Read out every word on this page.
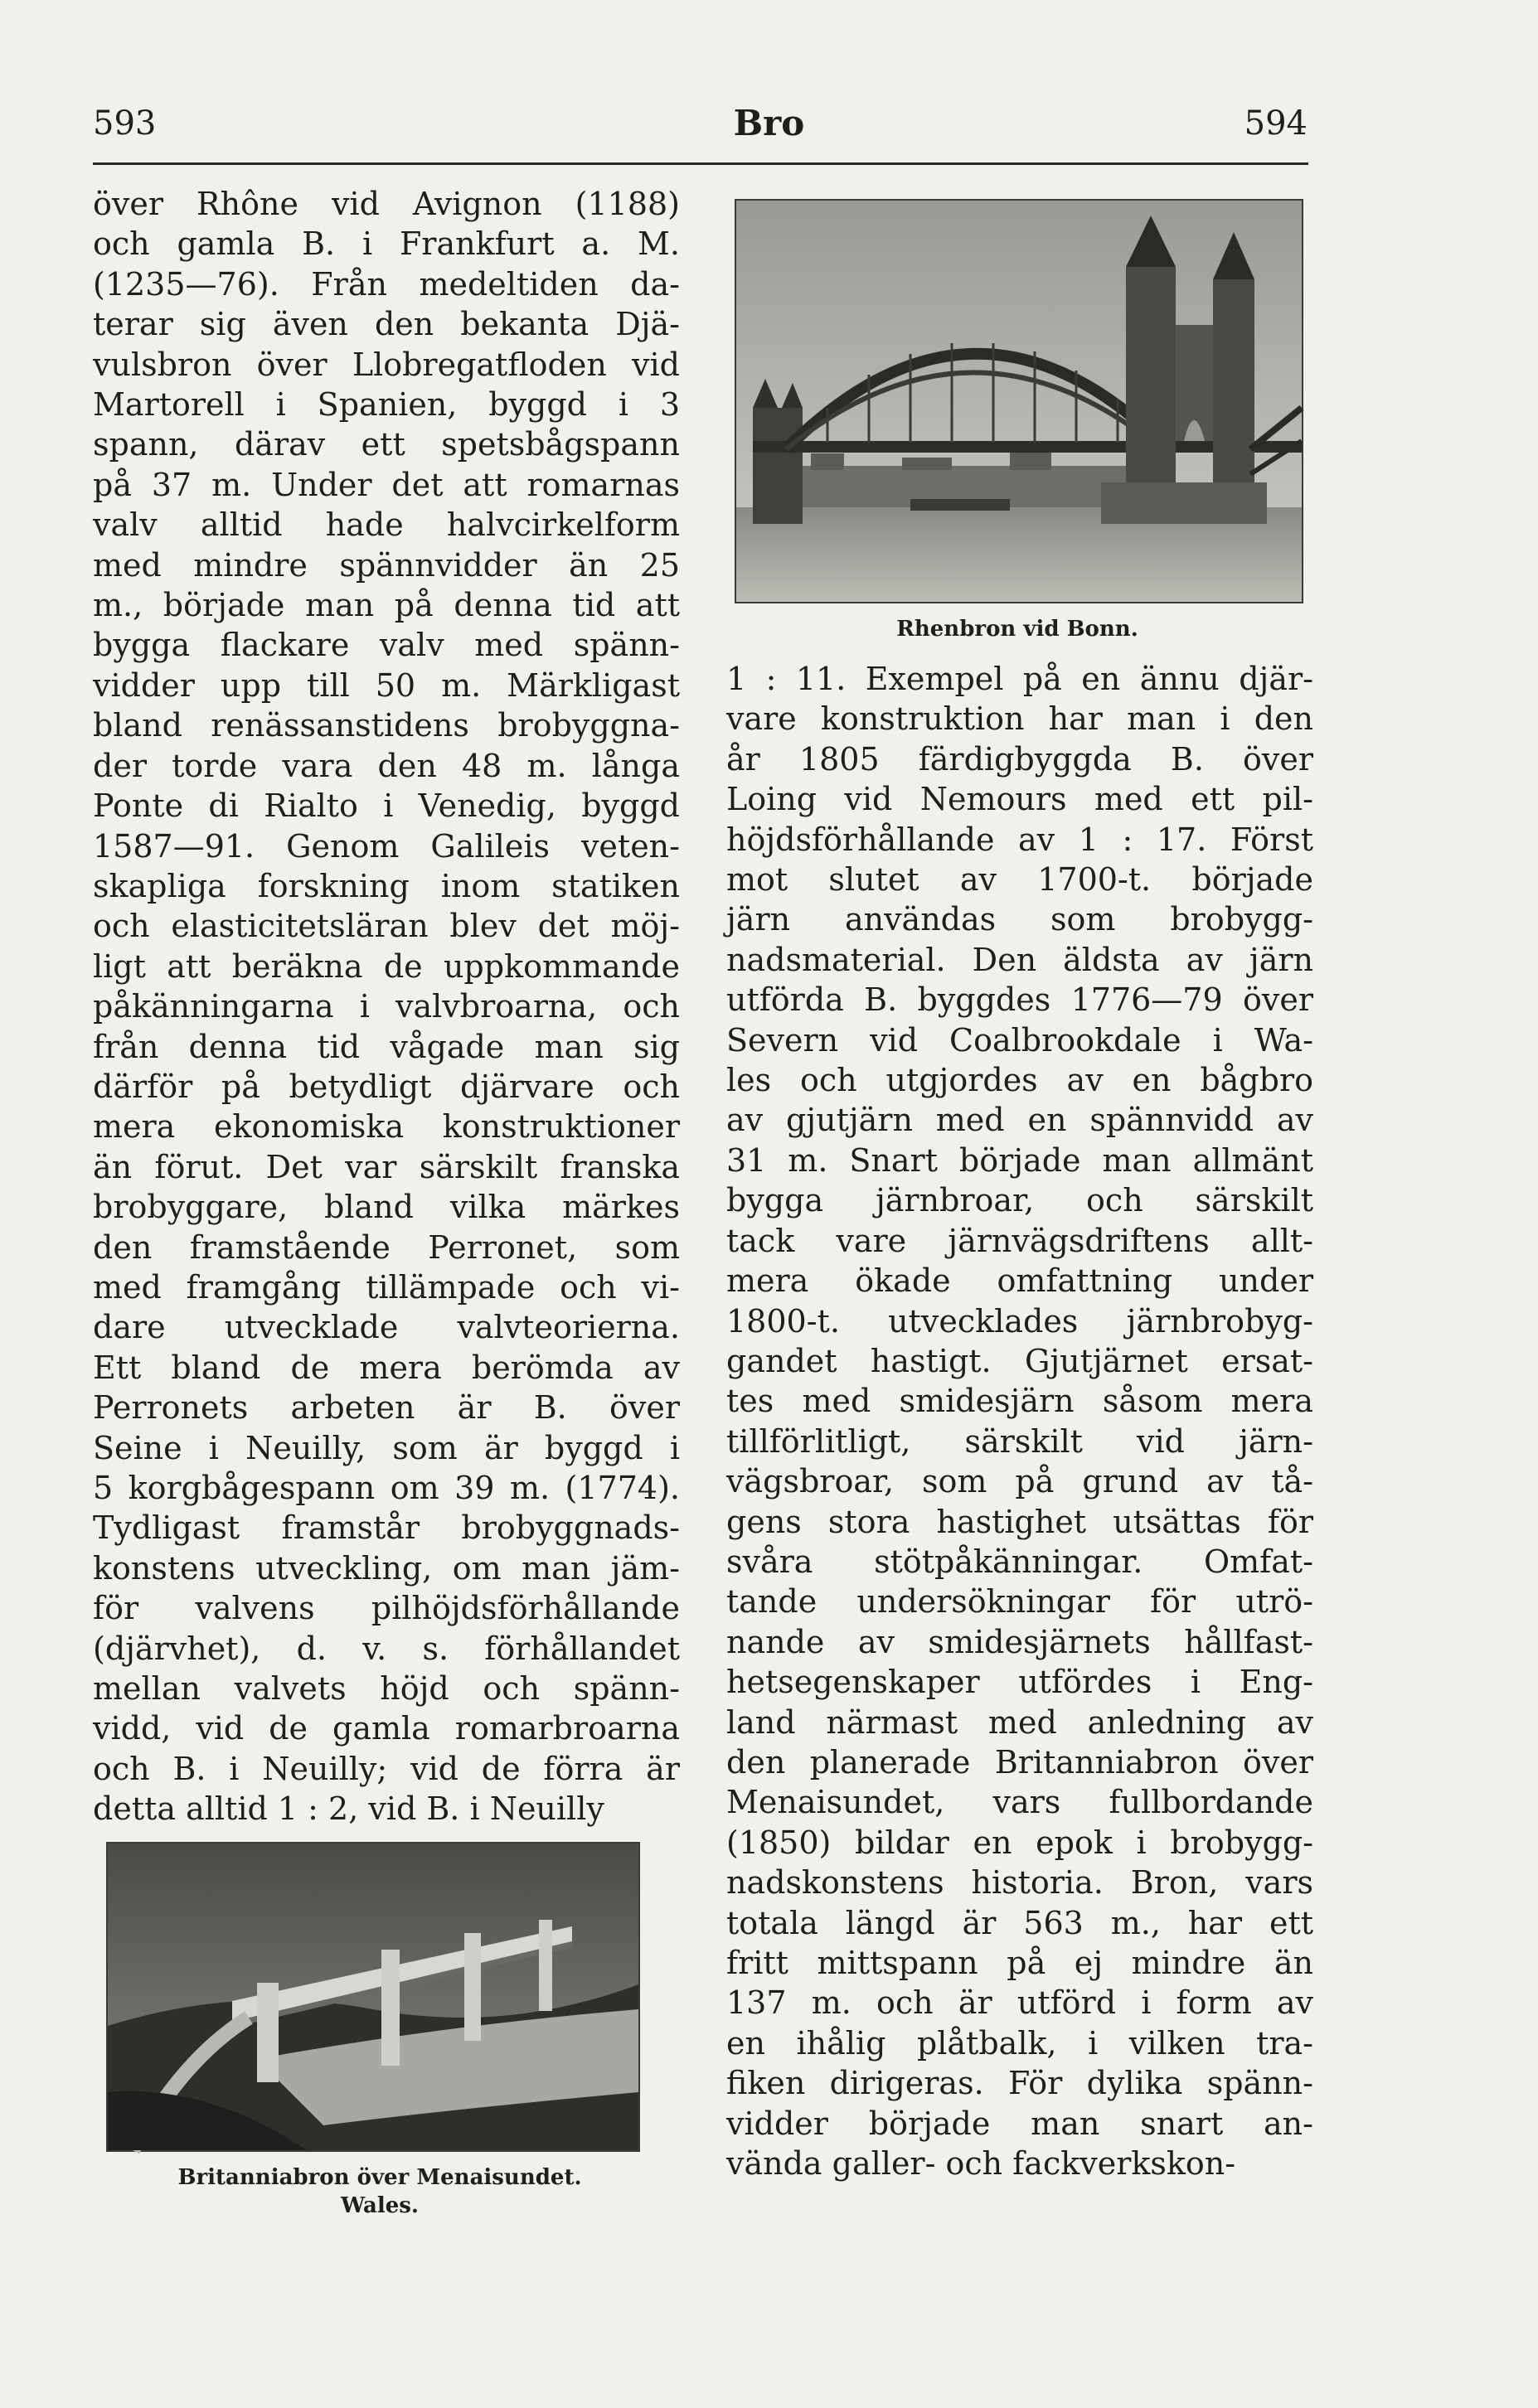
593	Bro	594
över Rhône vid Avignon (1188)
och gamla B. i Frankfurt a. M.
(1235—76). Från medeltiden da-
terar sig även den bekanta Djä-
vulsbron över Llobregatfloden vid
Martorell i Spanien, byggd i 3
spann, därav ett spetsbågspann
på 37 m. Under det att romarnas
valv alltid hade halvcirkelform
med mindre spännvidder än 25
m., började man på denna tid att
bygga flackare valv med spänn-
vidder upp till 50 m. Märkligast
bland renässanstidens brobyggna-
der torde vara den 48 m. långa
Ponte di Rialto i Venedig, byggd
1587—91. Genom Galileis veten-
skapliga forskning inom statiken
och elasticitetsläran blev det möj-
ligt att beräkna de uppkommande
påkänningarna i valvbroarna, och
från denna tid vågade man sig
därför på betydligt djärvare och
mera ekonomiska konstruktioner
än förut. Det var särskilt franska
brobyggare, bland vilka märkes
den framstående Perronet, som
med framgång tillämpade och vi-
dare utvecklade valvteorierna.
Ett bland de mera berömda av
Perronets arbeten är B. över
Seine i Neuilly, som är byggd i
5 korgbågespann om 39 m. (1774).
Tydligast framstår brobyggnads-
konstens utveckling, om man jäm-
för valvens pilhöjdsförhållande
(djärvhet), d. v. s. förhållandet
mellan valvets höjd och spänn-
vidd, vid de gamla romarbroarna
och B. i Neuilly; vid de förra är
detta alltid 1 : 2, vid B. i Neuilly
Rhenbron vid Bonn.
1 : 11. Exempel på en ännu djär-
vare konstruktion har man i den
år 1805 färdigbyggda B. över
Loing vid Nemours med ett pil-
höjdsförhållande av 1 : 17. Först
mot slutet av 1700-t. började
järn användas som brobygg-
nadsmaterial. Den äldsta av järn
utförda B. byggdes 1776—79 över
Severn vid Coalbrookdale i Wa-
les och utgjordes av en bågbro
av gjutjärn med en spännvidd av
31 m. Snart började man allmänt
bygga järnbroar, och särskilt
tack vare järnvägsdriftens allt-
mera ökade omfattning under
1800-t. utvecklades järnbrobyg-
gandet hastigt. Gjutjärnet ersat-
tes med smidesjärn såsom mera
tillförlitligt, särskilt vid järn-
vägsbroar, som på grund av tå-
gens stora hastighet utsättas för
svåra stötpåkänningar. Omfat-
tande undersökningar för utrö-
nande av smidesjärnets hållfast-
hetsegenskaper utfördes i Eng-
land närmast med anledning av
den planerade Britanniabron över
Menaisundet, vars fullbordande
(1850) bildar en epok i brobygg-
nadskonstens historia. Bron, vars
totala längd är 563 m., har ett
fritt mittspann på ej mindre än
137 m. och är utförd i form av
en ihålig plåtbalk, i vilken tra-
fiken dirigeras. För dylika spänn-
vidder började man snart an-
vända galler- och fackverkskon-
Britanniabron över Menaisundet.
Wales.
